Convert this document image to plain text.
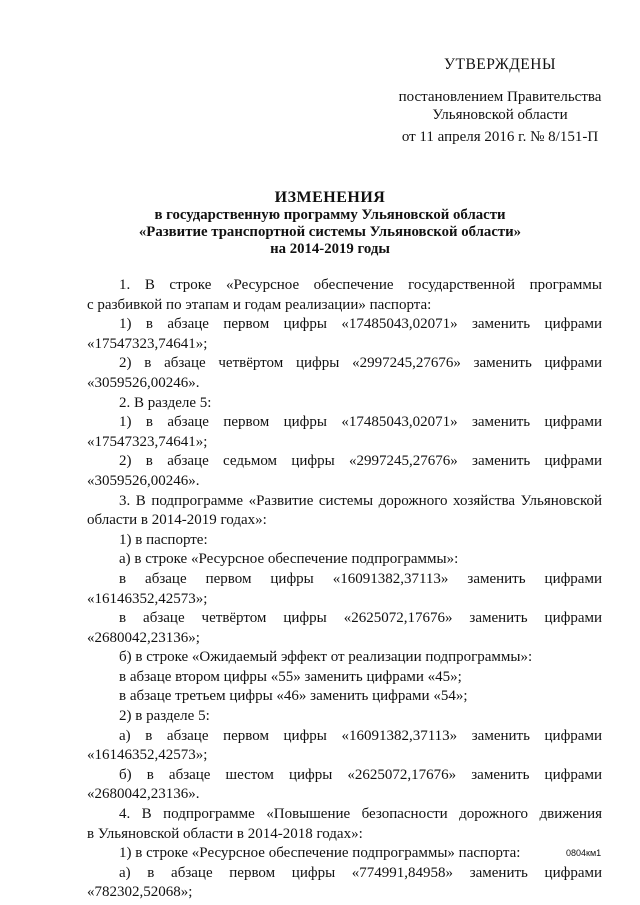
УТВЕРЖДЕНЫ
постановлением Правительства
Ульяновской области
от 11 апреля 2016 г. № 8/151-П
ИЗМЕНЕНИЯ
в государственную программу Ульяновской области
«Развитие транспортной системы Ульяновской области»
на 2014-2019 годы
1. В строке «Ресурсное обеспечение государственной программы
с разбивкой по этапам и годам реализации» паспорта:
1) в абзаце первом цифры «17485043,02071» заменить цифрами
«17547323,74641»;
2) в абзаце четвёртом цифры «2997245,27676» заменить цифрами
«3059526,00246».
2. В разделе 5:
1) в абзаце первом цифры «17485043,02071» заменить цифрами
«17547323,74641»;
2) в абзаце седьмом цифры «2997245,27676» заменить цифрами
«3059526,00246».
3. В подпрограмме «Развитие системы дорожного хозяйства Ульяновской
области в 2014-2019 годах»:
1) в паспорте:
а) в строке «Ресурсное обеспечение подпрограммы»:
в абзаце первом цифры «16091382,37113» заменить цифрами
«16146352,42573»;
в абзаце четвёртом цифры «2625072,17676» заменить цифрами
«2680042,23136»;
б) в строке «Ожидаемый эффект от реализации подпрограммы»:
в абзаце втором цифры «55» заменить цифрами «45»;
в абзаце третьем цифры «46» заменить цифрами «54»;
2) в разделе 5:
а) в абзаце первом цифры «16091382,37113» заменить цифрами
«16146352,42573»;
б) в абзаце шестом цифры «2625072,17676» заменить цифрами
«2680042,23136».
4. В подпрограмме «Повышение безопасности дорожного движения
в Ульяновской области в 2014-2018 годах»:
1) в строке «Ресурсное обеспечение подпрограммы» паспорта:
а) в абзаце первом цифры «774991,84958» заменить цифрами
«782302,52068»;
0804км1
